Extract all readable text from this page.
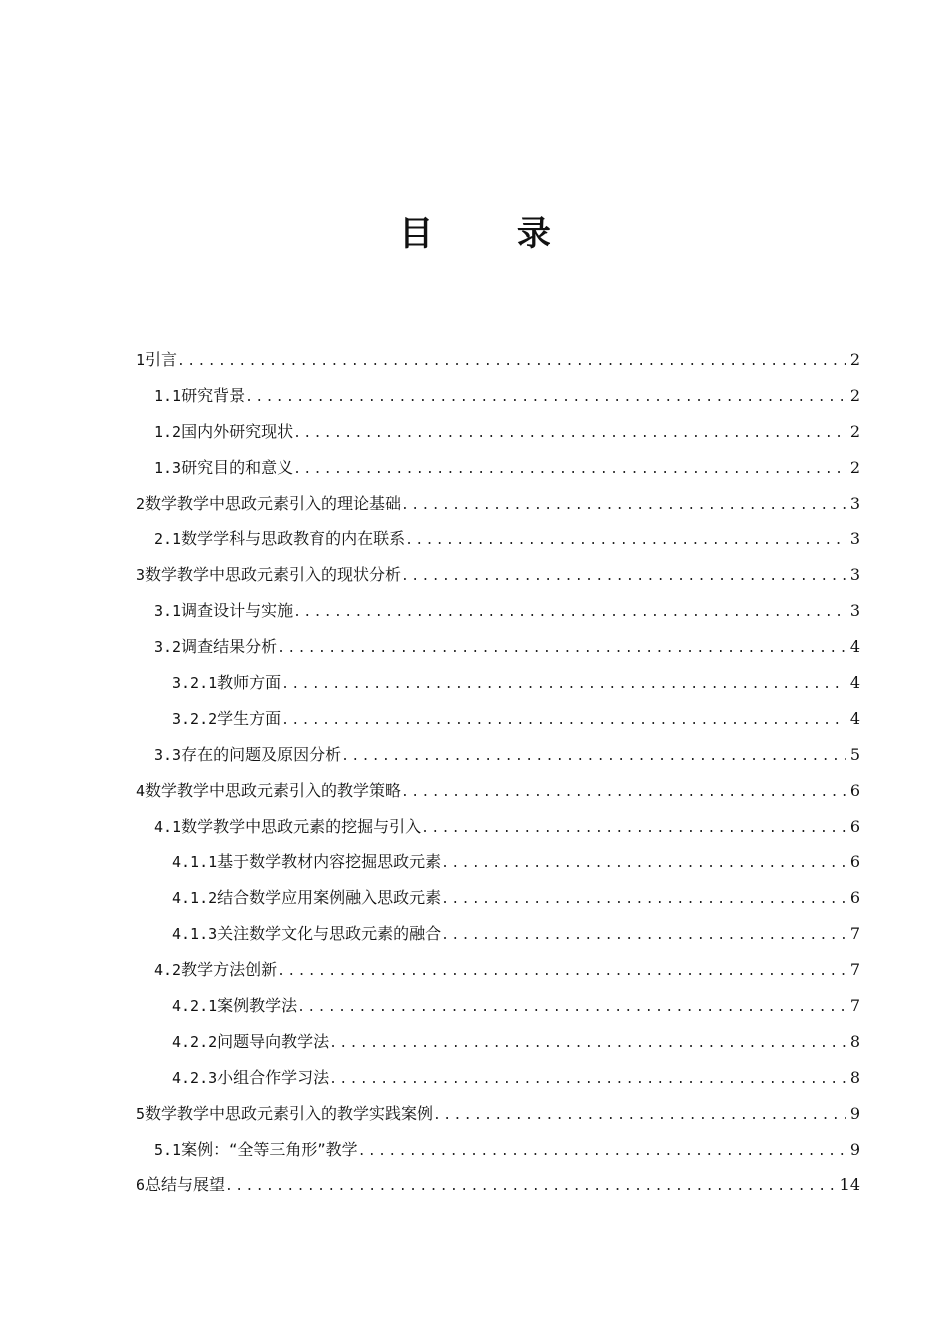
目 录
1 引言 .....	2
1.1 研究背景 .....	2
1.2 国内外研究现状 .....	2
1.3 研究目的和意义 .....	2
2 数学教学中思政元素引入的理论基础 .....	3
2.1 数学学科与思政教育的内在联系 .....	3
3 数学教学中思政元素引入的现状分析 .....	3
3.1 调查设计与实施 .....	3
3.2 调查结果分析 .....	4
3.2.1 教师方面 .....	4
3.2.2 学生方面 .....	4
3.3 存在的问题及原因分析 .....	5
4 数学教学中思政元素引入的教学策略 .....	6
4.1 数学教学中思政元素的挖掘与引入 .....	6
4.1.1 基于数学教材内容挖掘思政元素 .....	6
4.1.2 结合数学应用案例融入思政元素 .....	6
4.1.3 关注数学文化与思政元素的融合 .....	7
4.2 教学方法创新 .....	7
4.2.1 案例教学法 .....	7
4.2.2 问题导向教学法 .....	8
4.2.3 小组合作学习法 .....	8
5 数学教学中思政元素引入的教学实践案例 .....	9
5.1 案例：“全等三角形”教学 .....	9
6 总结与展望 .....	14
